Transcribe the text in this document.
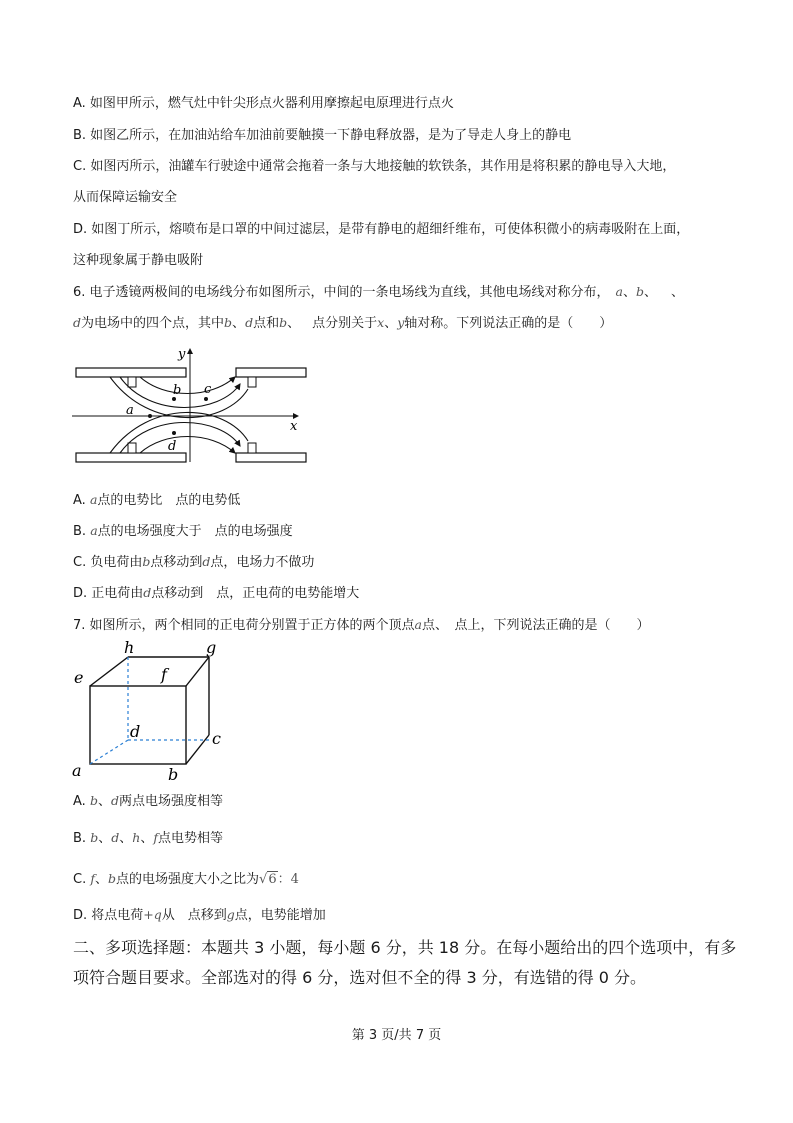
A. 如图甲所示，燃气灶中针尖形点火器利用摩擦起电原理进行点火
B. 如图乙所示，在加油站给车加油前要触摸一下静电释放器，是为了导走人身上的静电
C. 如图丙所示，油罐车行驶途中通常会拖着一条与大地接触的软铁条，其作用是将积累的静电导入大地，
从而保障运输安全
D. 如图丁所示，熔喷布是口罩的中间过滤层，是带有静电的超细纤维布，可使体积微小的病毒吸附在上面，
这种现象属于静电吸附
6. 电子透镜两极间的电场线分布如图所示，中间的一条电场线为直线，其他电场线对称分布， a、b、 、
d为电场中的四个点，其中b、d点和b、 点分别关于x、y轴对称。下列说法正确的是（　　）
y
x
a
b c
d
A. a点的电势比　点的电势低
B. a点的电场强度大于　点的电场强度
C. 负电荷由b点移动到d点，电场力不做功
D. 正电荷由d点移动到　点，正电荷的电势能增大
7. 如图所示，两个相同的正电荷分别置于正方体的两个顶点a点、　点上，下列说法正确的是（　　）
e
h
f
g
d	c
a	b
A. b、d两点电场强度相等
B. b、d、h、f点电势相等
C. f、b点的电场强度大小之比为√6：4
D. 将点电荷+q从　点移到g点，电势能增加
二、多项选择题：本题共 3 小题，每小题 6 分，共 18 分。在每小题给出的四个选项中，有多
项符合题目要求。全部选对的得 6 分，选对但不全的得 3 分，有选错的得 0 分。
第 3 页/共 7 页
